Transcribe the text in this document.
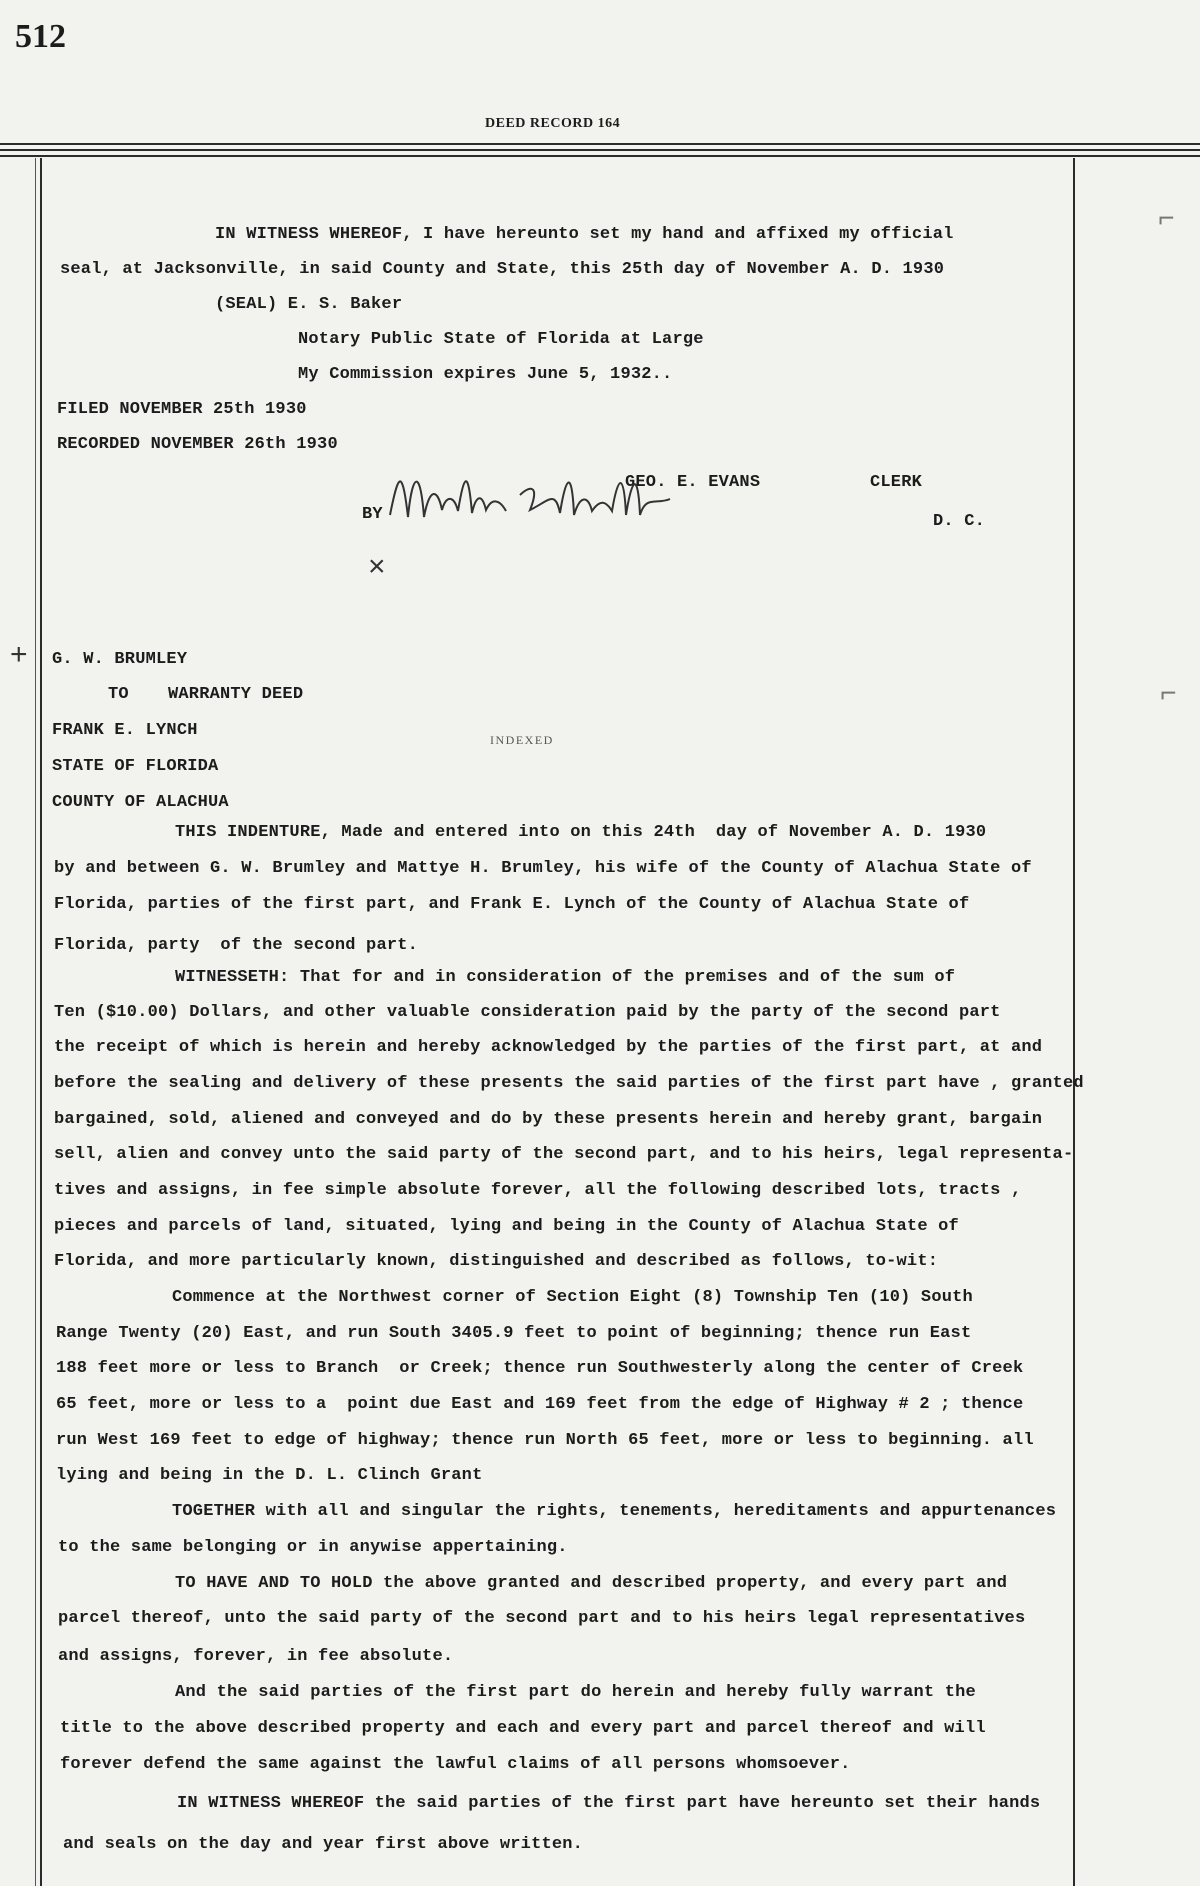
512
DEED RECORD 164
⌐
⌐
IN WITNESS WHEREOF, I have hereunto set my hand and affixed my official
seal, at Jacksonville, in said County and State, this 25th day of November A. D. 1930
(SEAL) E. S. Baker
Notary Public State of Florida at Large
My Commission expires June 5, 1932..
FILED NOVEMBER 25th 1930
RECORDED NOVEMBER 26th 1930
GEO. E. EVANS	CLERK
BY	D. C.
×
+ G. W. BRUMLEY
TO WARRANTY DEED
FRANK E. LYNCH	INDEXED
STATE OF FLORIDA
COUNTY OF ALACHUA
THIS INDENTURE, Made and entered into on this 24th  day of November A. D. 1930
by and between G. W. Brumley and Mattye H. Brumley, his wife of the County of Alachua State of
Florida, parties of the first part, and Frank E. Lynch of the County of Alachua State of
Florida, party  of the second part.
WITNESSETH: That for and in consideration of the premises and of the sum of
Ten ($10.00) Dollars, and other valuable consideration paid by the party of the second part
the receipt of which is herein and hereby acknowledged by the parties of the first part, at and
before the sealing and delivery of these presents the said parties of the first part have , granted
bargained, sold, aliened and conveyed and do by these presents herein and hereby grant, bargain
sell, alien and convey unto the said party of the second part, and to his heirs, legal representa-
tives and assigns, in fee simple absolute forever, all the following described lots, tracts ,
pieces and parcels of land, situated, lying and being in the County of Alachua State of
Florida, and more particularly known, distinguished and described as follows, to-wit:
Commence at the Northwest corner of Section Eight (8) Township Ten (10) South
Range Twenty (20) East, and run South 3405.9 feet to point of beginning; thence run East
188 feet more or less to Branch  or Creek; thence run Southwesterly along the center of Creek
65 feet, more or less to a  point due East and 169 feet from the edge of Highway # 2 ; thence
run West 169 feet to edge of highway; thence run North 65 feet, more or less to beginning. all
lying and being in the D. L. Clinch Grant
TOGETHER with all and singular the rights, tenements, hereditaments and appurtenances
to the same belonging or in anywise appertaining.
TO HAVE AND TO HOLD the above granted and described property, and every part and
parcel thereof, unto the said party of the second part and to his heirs legal representatives
and assigns, forever, in fee absolute.
And the said parties of the first part do herein and hereby fully warrant the
title to the above described property and each and every part and parcel thereof and will
forever defend the same against the lawful claims of all persons whomsoever.
IN WITNESS WHEREOF the said parties of the first part have hereunto set their hands
and seals on the day and year first above written.
